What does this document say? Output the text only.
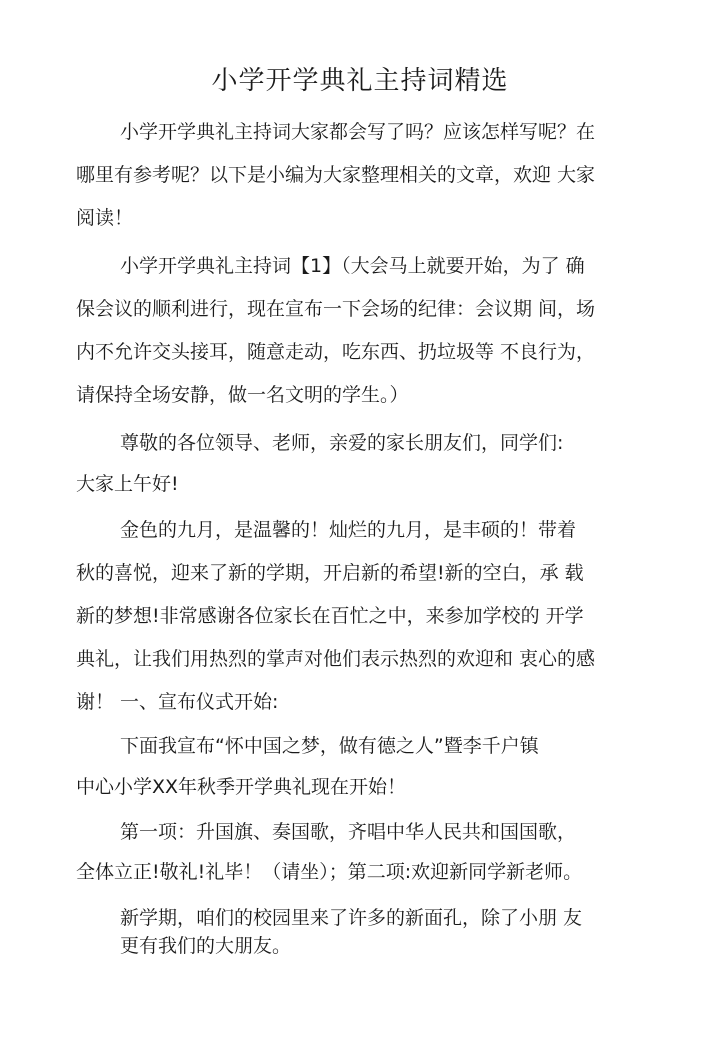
小学开学典礼主持词精选
小学开学典礼主持词大家都会写了吗？应该怎样写呢？在
哪里有参考呢？以下是小编为大家整理相关的文章，欢迎 大家
阅读！
小学开学典礼主持词【1】（大会马上就要开始，为了 确
保会议的顺利进行，现在宣布一下会场的纪律：会议期 间，场
内不允许交头接耳，随意走动，吃东西、扔垃圾等 不良行为，
请保持全场安静，做一名文明的学生。）
尊敬的各位领导、老师，亲爱的家长朋友们，同学们:
大家上午好!
金色的九月，是温馨的！灿烂的九月，是丰硕的！带着
秋的喜悦，迎来了新的学期，开启新的希望!新的空白，承 载
新的梦想!非常感谢各位家长在百忙之中，来参加学校的 开学
典礼，让我们用热烈的掌声对他们表示热烈的欢迎和 衷心的感
谢！ 一、宣布仪式开始:
下面我宣布“怀中国之梦，做有德之人”暨李千户镇
中心小学XX年秋季开学典礼现在开始！
第一项：升国旗、奏国歌，齐唱中华人民共和国国歌，
全体立正!敬礼!礼毕！（请坐）；第二项:欢迎新同学新老师。
新学期，咱们的校园里来了许多的新面孔，除了小朋 友
更有我们的大朋友。
